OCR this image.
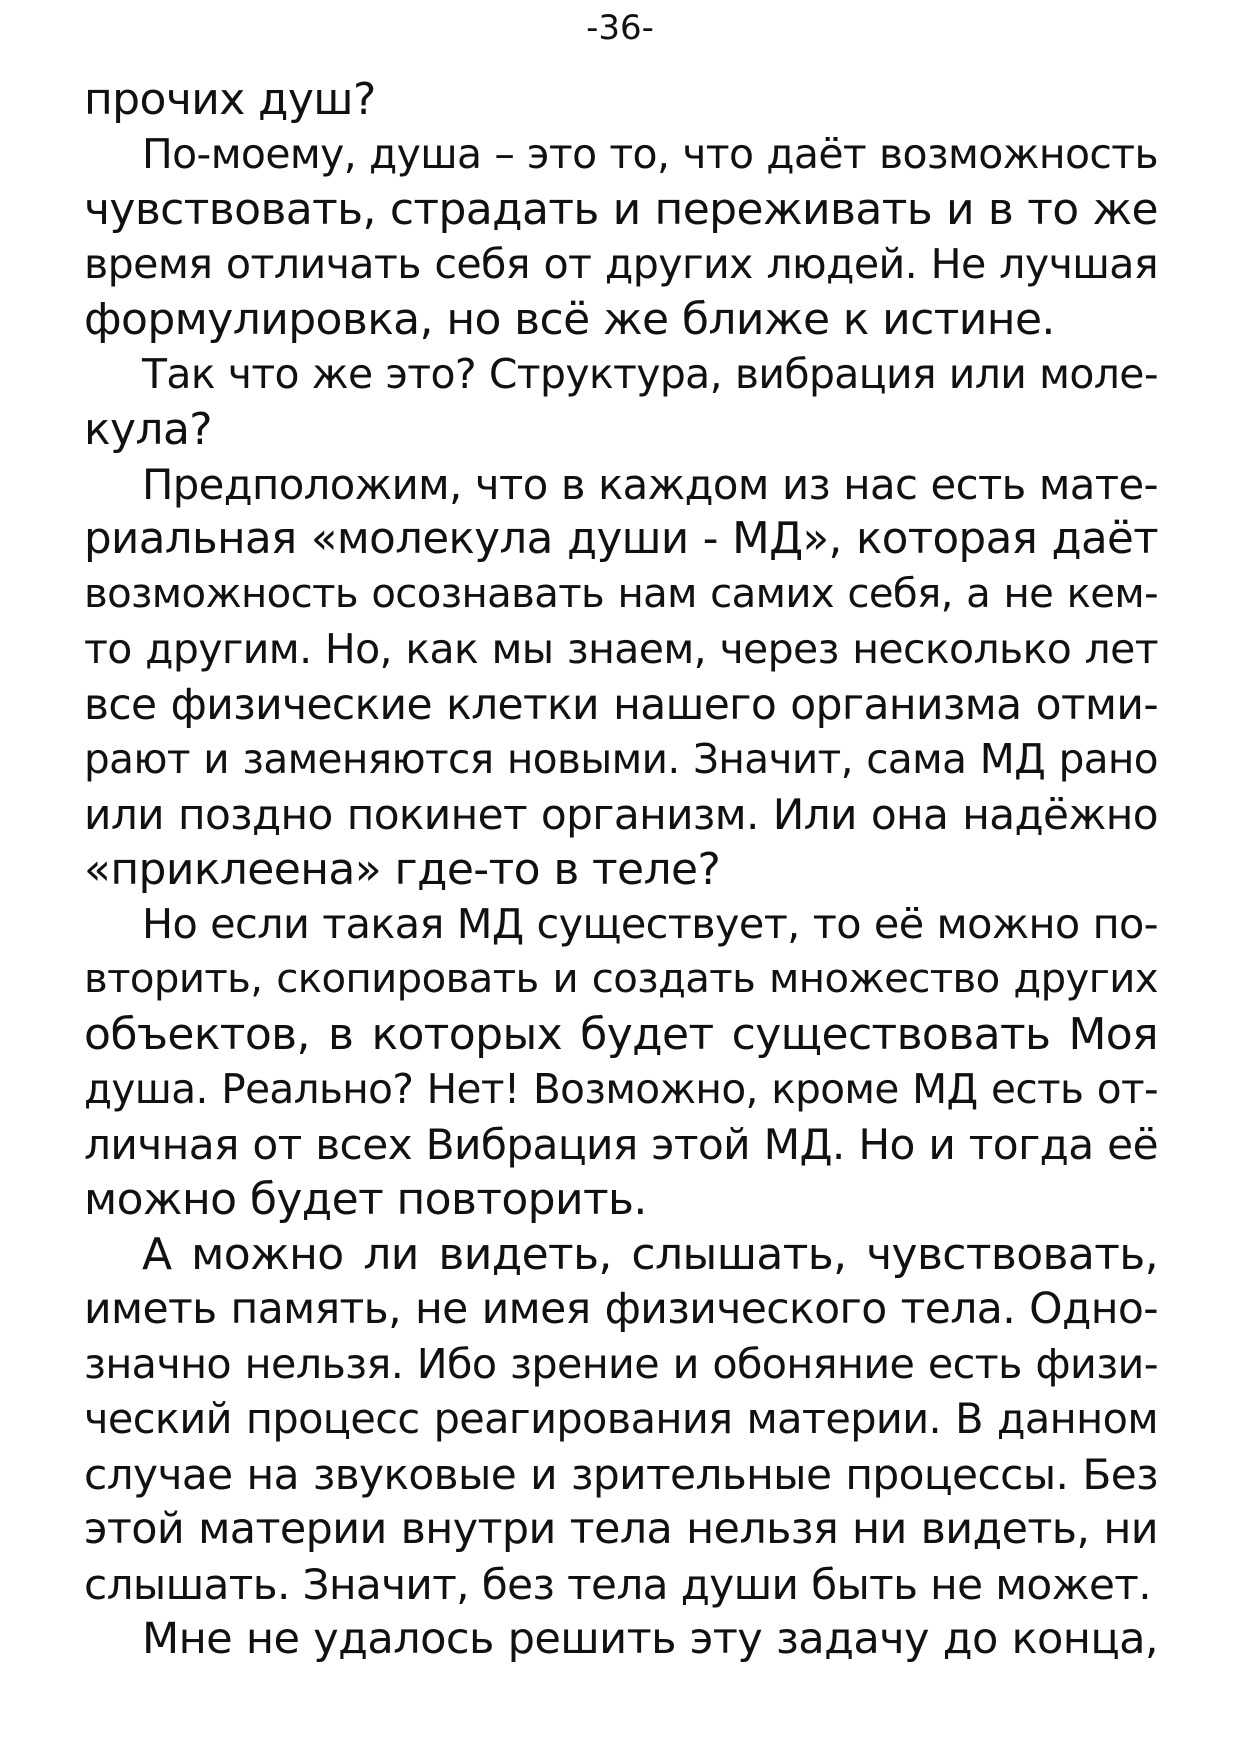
-36-
прочих душ?
По-моему, душа – это то, что даёт возможность
чувствовать, страдать и переживать и в то же
время отличать себя от других людей. Не лучшая
формулировка, но всё же ближе к истине.
Так что же это? Структура, вибрация или моле-
кула?
Предположим, что в каждом из нас есть мате-
риальная «молекула души - МД», которая даёт
возможность осознавать нам самих себя, а не кем-
то другим. Но, как мы знаем, через несколько лет
все физические клетки нашего организма отми-
рают и заменяются новыми. Значит, сама МД рано
или поздно покинет организм. Или она надёжно
«приклеена» где-то в теле?
Но если такая МД существует, то её можно по-
вторить, скопировать и создать множество других
объектов, в которых будет существовать Моя
душа. Реально? Нет! Возможно, кроме МД есть от-
личная от всех Вибрация этой МД. Но и тогда её
можно будет повторить.
А можно ли видеть, слышать, чувствовать,
иметь память, не имея физического тела. Одно-
значно нельзя. Ибо зрение и обоняние есть физи-
ческий процесс реагирования материи. В данном
случае на звуковые и зрительные процессы. Без
этой материи внутри тела нельзя ни видеть, ни
слышать. Значит, без тела души быть не может.
Мне не удалось решить эту задачу до конца,
